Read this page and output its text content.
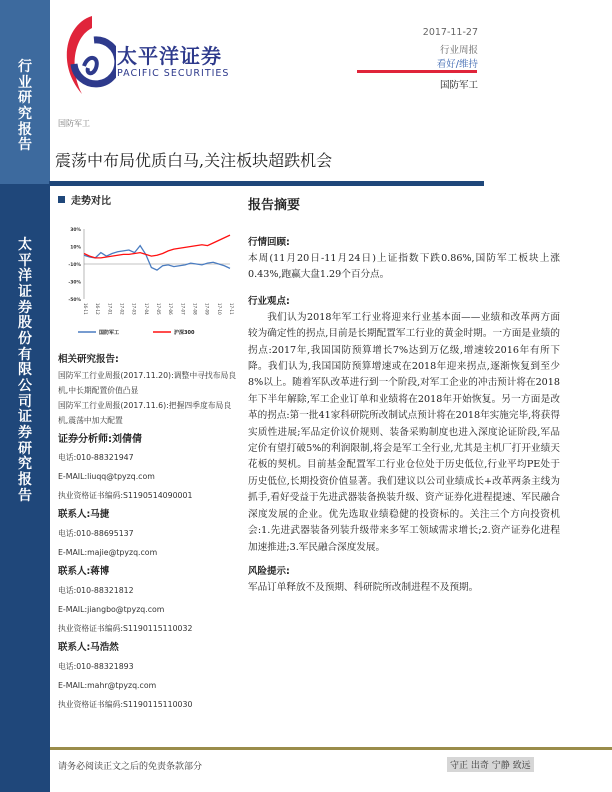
行
业
研
究
报
告
太
平
洋
证
券
股
份
有
限
公
司
证
券
研
究
报
告
太平洋证券
PACIFIC SECURITIES
2017-11-27
行业周报
看好/维持
国防军工
国防军工
震荡中布局优质白马,关注板块超跌机会
走势对比
30%
10%
-10%
-30%
-50%
16-11 16-12 17-01 17-02 17-03 17-04 17-05 17-06 17-07 17-08 17-09 17-10 17-11
国防军工	沪深300
相关研究报告:
国防军工行业周报(2017.11.20):调整中寻找布局良机,中长期配置价值凸显
国防军工行业周报(2017.11.6):把握四季度布局良机,震荡中加大配置
证券分析师:刘倩倩
电话:010-88321947
E-MAIL:liuqq@tpyzq.com
执业资格证书编码:S1190514090001
联系人:马捷
电话:010-88695137
E-MAIL:majie@tpyzq.com
联系人:蒋博
电话:010-88321812
E-MAIL:jiangbo@tpyzq.com
执业资格证书编码:S1190115110032
联系人:马浩然
电话:010-88321893
E-MAIL:mahr@tpyzq.com
执业资格证书编码:S1190115110030
报告摘要
行情回顾:
本周(11月20日-11月24日)上证指数下跌0.86%,国防军工板块上涨0.43%,跑赢大盘1.29个百分点。
行业观点:
我们认为2018年军工行业将迎来行业基本面——业绩和改革两方面较为确定性的拐点,目前是长期配置军工行业的黄金时期。一方面是业绩的拐点:2017年,我国国防预算增长7%达到万亿级,增速较2016年有所下降。我们认为,我国国防预算增速或在2018年迎来拐点,逐渐恢复到至少8%以上。随着军队改革进行到一个阶段,对军工企业的冲击预计将在2018年下半年解除,军工企业订单和业绩将在2018年开始恢复。另一方面是改革的拐点:第一批41家科研院所改制试点预计将在2018年实施完毕,将获得实质性进展;军品定价议价规则、装备采购制度也进入深度论证阶段,军品定价有望打破5%的利润限制,将会是军工全行业,尤其是主机厂打开业绩天花板的契机。目前基金配置军工行业仓位处于历史低位,行业平均PE处于历史低位,长期投资价值显著。我们建议以公司业绩成长+改革两条主线为抓手,看好受益于先进武器装备换装升级、资产证券化进程提速、军民融合深度发展的企业。优先选取业绩稳健的投资标的。关注三个方向投资机会:1.先进武器装备列装升级带来多军工领域需求增长;2.资产证券化进程加速推进;3.军民融合深度发展。
风险提示:
军品订单释放不及预期、科研院所改制进程不及预期。
请务必阅读正文之后的免责条款部分	守正 出奇 宁静 致远
